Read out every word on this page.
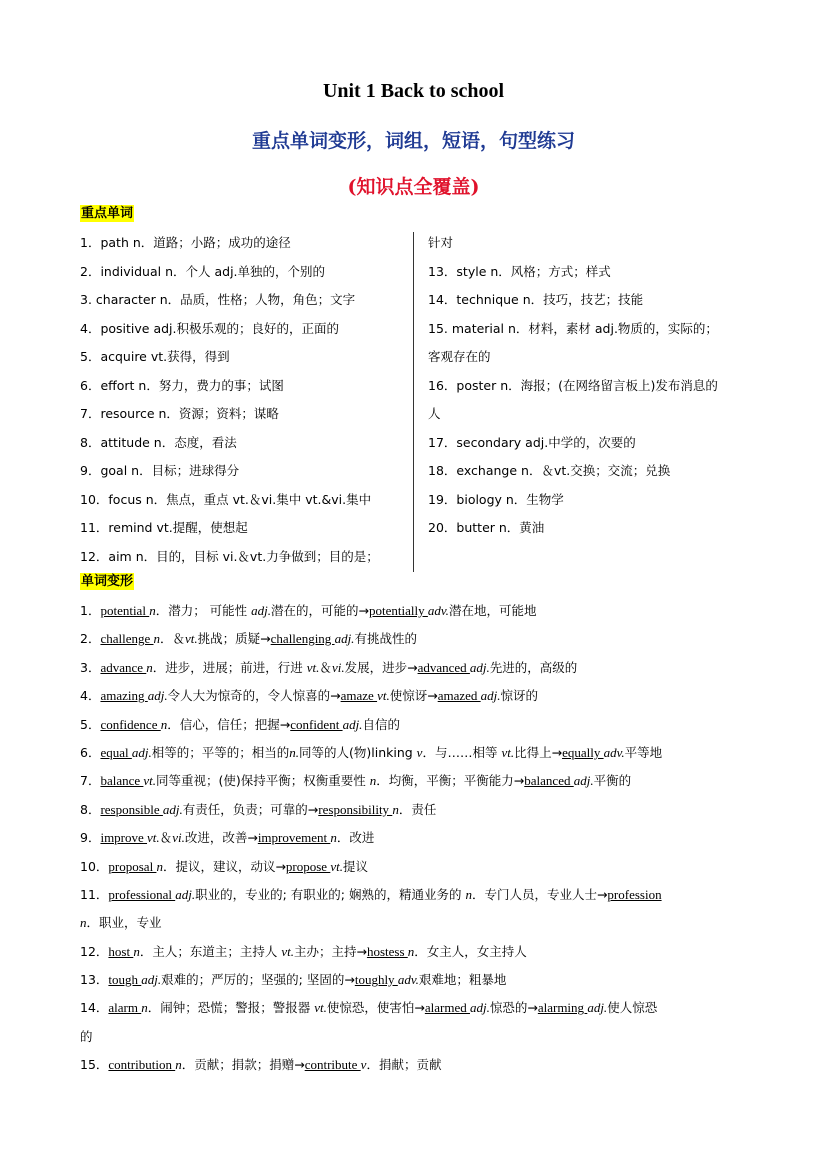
Unit 1 Back to school
重点单词变形，词组，短语，句型练习
(知识点全覆盖)
重点单词
1．path n．道路；小路；成功的途径
2．individual n．个人 adj.单独的，个别的
3. character n．品质，性格；人物，角色；文字
4．positive adj.积极乐观的；良好的，正面的
5．acquire vt.获得，得到
6．effort n．努力，费力的事；试图
7．resource n．资源；资料；谋略
8．attitude n．态度，看法
9．goal n．目标；进球得分
10．focus n．焦点，重点 vt.＆vi.集中 vt.&vi.集中
11．remind vt.提醒，使想起
12．aim n．目的，目标 vi.＆vt.力争做到；目的是；
针对
13．style n．风格；方式；样式
14．technique n．技巧，技艺；技能
15. material n．材料，素材 adj.物质的，实际的；
客观存在的
16．poster n．海报；(在网络留言板上)发布消息的
人
17．secondary adj.中学的，次要的
18．exchange n．＆vt.交换；交流；兑换
19．biology n．生物学
20．butter n．黄油
单词变形
1．potential n．潜力； 可能性 adj.潜在的，可能的→potentially adv.潜在地，可能地
2．challenge n．＆vt.挑战；质疑→challenging adj.有挑战性的
3．advance n．进步，进展；前进，行进 vt.＆vi.发展，进步→advanced adj.先进的，高级的
4．amazing adj.令人大为惊奇的，令人惊喜的→amaze vt.使惊讶→amazed adj.惊讶的
5．confidence n．信心，信任；把握→confident adj.自信的
6．equal adj.相等的；平等的；相当的n.同等的人(物)linking v．与……相等 vt.比得上→equally adv.平等地
7．balance vt.同等重视；(使)保持平衡；权衡重要性 n．均衡，平衡；平衡能力→balanced adj.平衡的
8．responsible adj.有责任，负责；可靠的→responsibility n．责任
9．improve vt.＆vi.改进，改善→improvement n．改进
10．proposal n．提议，建议，动议→propose vt.提议
11．professional adj.职业的，专业的; 有职业的; 娴熟的，精通业务的 n．专门人员，专业人士→profession
n．职业，专业
12．host n．主人；东道主；主持人 vt.主办；主持→hostess n．女主人，女主持人
13．tough adj.艰难的；严厉的；坚强的; 坚固的→toughly adv.艰难地；粗暴地
14．alarm n．闹钟；恐慌；警报；警报器 vt.使惊恐，使害怕→alarmed adj.惊恐的→alarming adj.使人惊恐
的
15．contribution n．贡献；捐款；捐赠→contribute v．捐献；贡献
